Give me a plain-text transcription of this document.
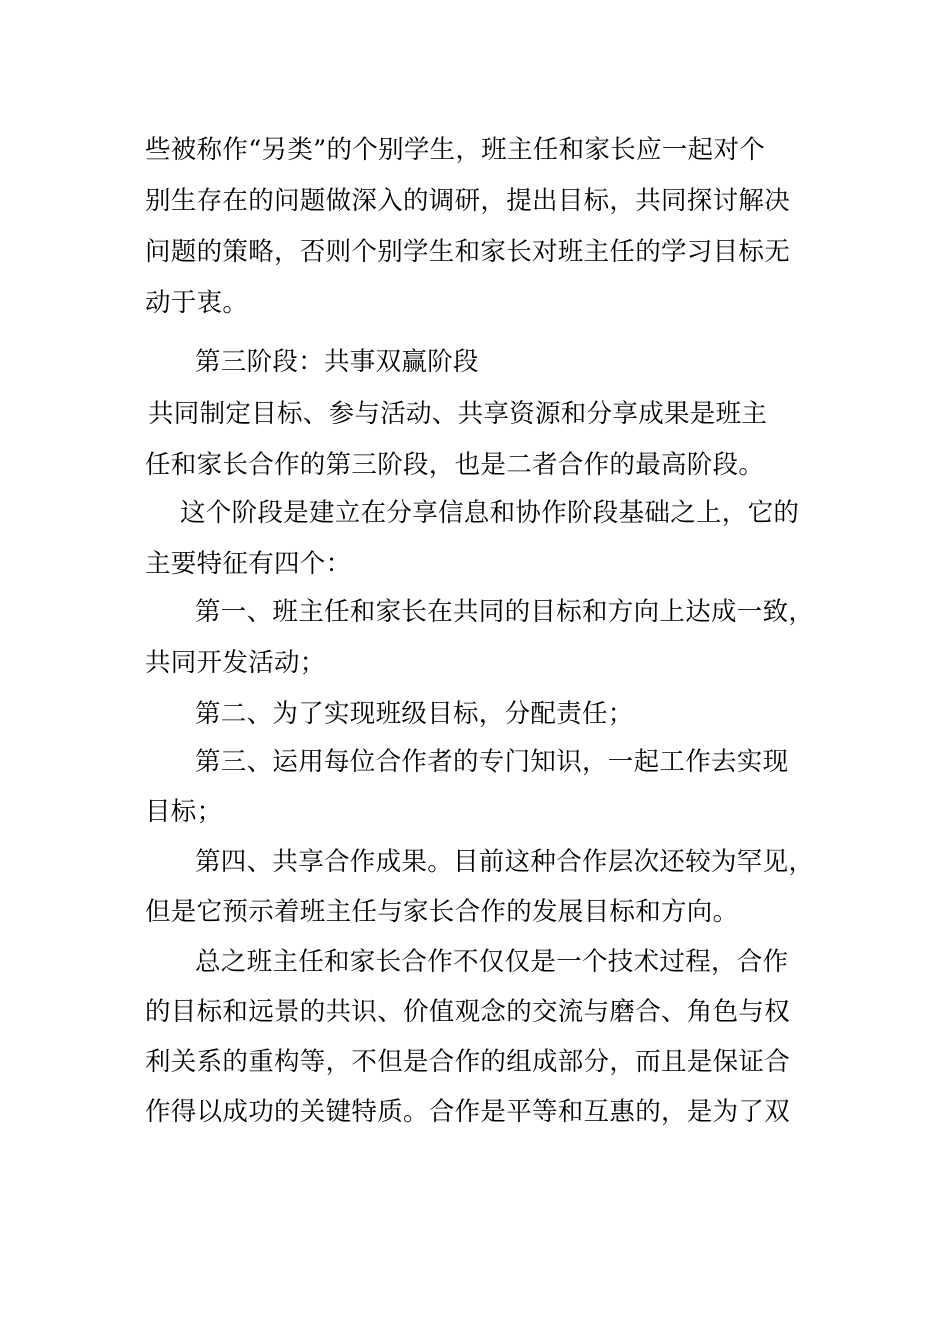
些被称作“另类”的个别学生，班主任和家长应一起对个
别生存在的问题做深入的调研，提出目标，共同探讨解决
问题的策略，否则个别学生和家长对班主任的学习目标无
动于衷。
第三阶段：共事双赢阶段
共同制定目标、参与活动、共享资源和分享成果是班主
任和家长合作的第三阶段，也是二者合作的最高阶段。
这个阶段是建立在分享信息和协作阶段基础之上，它的
主要特征有四个：
第一、班主任和家长在共同的目标和方向上达成一致，
共同开发活动；
第二、为了实现班级目标，分配责任；
第三、运用每位合作者的专门知识，一起工作去实现
目标；
第四、共享合作成果。目前这种合作层次还较为罕见，
但是它预示着班主任与家长合作的发展目标和方向。
总之班主任和家长合作不仅仅是一个技术过程，合作
的目标和远景的共识、价值观念的交流与磨合、角色与权
利关系的重构等，不但是合作的组成部分，而且是保证合
作得以成功的关键特质。合作是平等和互惠的，是为了双
